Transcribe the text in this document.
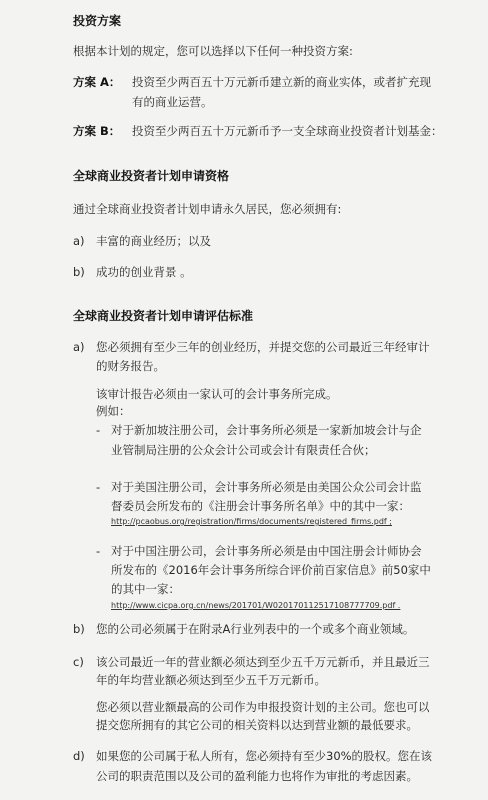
投资方案
根据本计划的规定，您可以选择以下任何一种投资方案:
方案 A： 投资至少两百五十万元新币建立新的商业实体，或者扩充现
有的商业运营。
方案 B： 投资至少两百五十万元新币予一支全球商业投资者计划基金：
全球商业投资者计划申请资格
通过全球商业投资者计划申请永久居民，您必须拥有:
a) 丰富的商业经历；以及
b) 成功的创业背景 。
全球商业投资者计划申请评估标准
a) 您必须拥有至少三年的创业经历，并提交您的公司最近三年经审计
的财务报告。
该审计报告必须由一家认可的会计事务所完成。
例如：
- 对于新加坡注册公司，会计事务所必须是一家新加坡会计与企
业管制局注册的公众会计公司或会计有限责任合伙；
- 对于美国注册公司，会计事务所必须是由美国公众公司会计监
督委员会所发布的《注册会计事务所名单》中的其中一家：
http://pcaobus.org/registration/firms/documents/registered_firms.pdf ;
- 对于中国注册公司，会计事务所必须是由中国注册会计师协会
所发布的《2016年会计事务所综合评价前百家信息》前50家中
的其中一家：
http://www.cicpa.org.cn/news/201701/W020170112517108777709.pdf .
b) 您的公司必须属于在附录A行业列表中的一个或多个商业领域。
c) 该公司最近一年的营业额必须达到至少五千万元新币，并且最近三
年的年均营业额必须达到至少五千万元新币。
您必须以营业额最高的公司作为申报投资计划的主公司。您也可以
提交您所拥有的其它公司的相关资料以达到营业额的最低要求。
d) 如果您的公司属于私人所有，您必须持有至少30%的股权。您在该
公司的职责范围以及公司的盈利能力也将作为审批的考虑因素。
